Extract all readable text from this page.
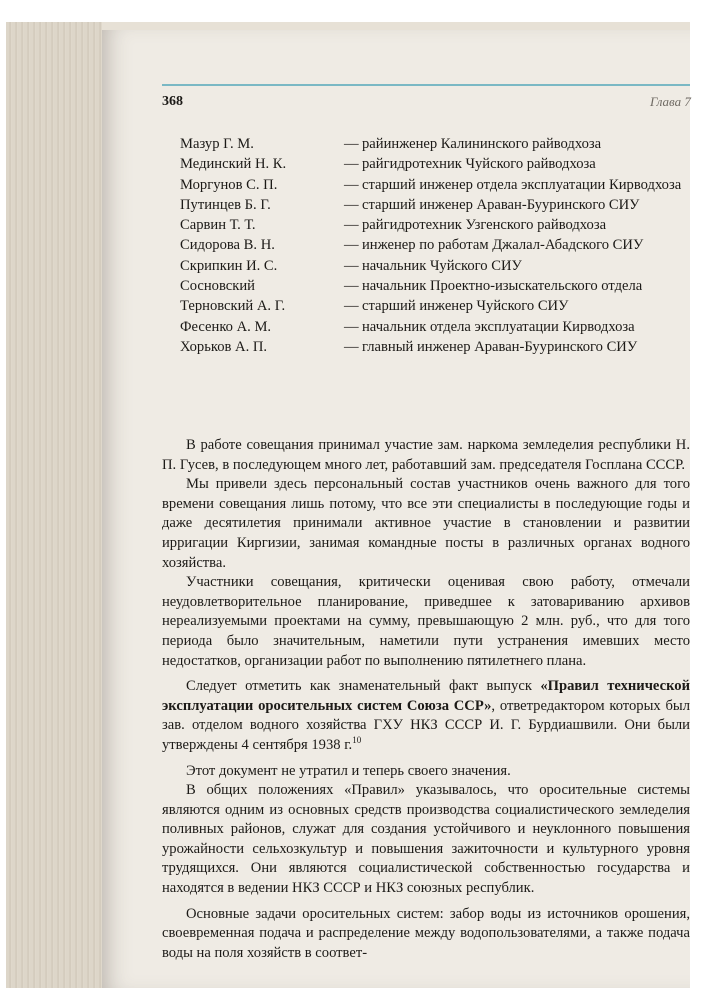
368	Глава 7
Мазур Г. М.	— райинженер Калининского райводхоза
Мединский Н. К.	— райгидротехник Чуйского райводхоза
Моргунов С. П.	— старший инженер отдела эксплуатации Кирводхоза
Путинцев Б. Г.	— старший инженер Араван-Бууринского СИУ
Сарвин Т. Т.	— райгидротехник Узгенского райводхоза
Сидорова В. Н.	— инженер по работам Джалал-Абадского СИУ
Скрипкин И. С.	— начальник Чуйского СИУ
Сосновский	— начальник Проектно-изыскательского отдела
Терновский А. Г.	— старший инженер Чуйского СИУ
Фесенко А. М.	— начальник отдела эксплуатации Кирводхоза
Хорьков А. П.	— главный инженер Араван-Бууринского СИУ

В работе совещания принимал участие зам. наркома земледелия республики Н. П. Гусев, в последующем много лет, работавший зам. председателя Госплана СССР.

Мы привели здесь персональный состав участников очень важного для того времени совещания лишь потому, что все эти специалисты в последующие годы и даже десятилетия принимали активное участие в становлении и развитии ирригации Киргизии, занимая командные посты в различных органах водного хозяйства.

Участники совещания, критически оценивая свою работу, отмечали неудовлетворительное планирование, приведшее к затовариванию архивов нереализуемыми проектами на сумму, превышающую 2 млн. руб., что для того периода было значительным, наметили пути устранения имевших место недостатков, организации работ по выполнению пятилетнего плана.

Следует отметить как знаменательный факт выпуск «Правил технической эксплуатации оросительных систем Союза ССР», ответредактором которых был зав. отделом водного хозяйства ГХУ НКЗ СССР И. Г. Бурдиашвили. Они были утверждены 4 сентября 1938 г.$^{10}$

Этот документ не утратил и теперь своего значения.

В общих положениях «Правил» указывалось, что оросительные системы являются одним из основных средств производства социалистического земледелия поливных районов, служат для создания устойчивого и неуклонного повышения урожайности сельхозкультур и повышения зажиточности и культурного уровня трудящихся. Они являются социалистической собственностью государства и находятся в ведении НКЗ СССР и НКЗ союзных республик.

Основные задачи оросительных систем: забор воды из источников орошения, своевременная подача и распределение между водопользователями, а также подача воды на поля хозяйств в соответ-
